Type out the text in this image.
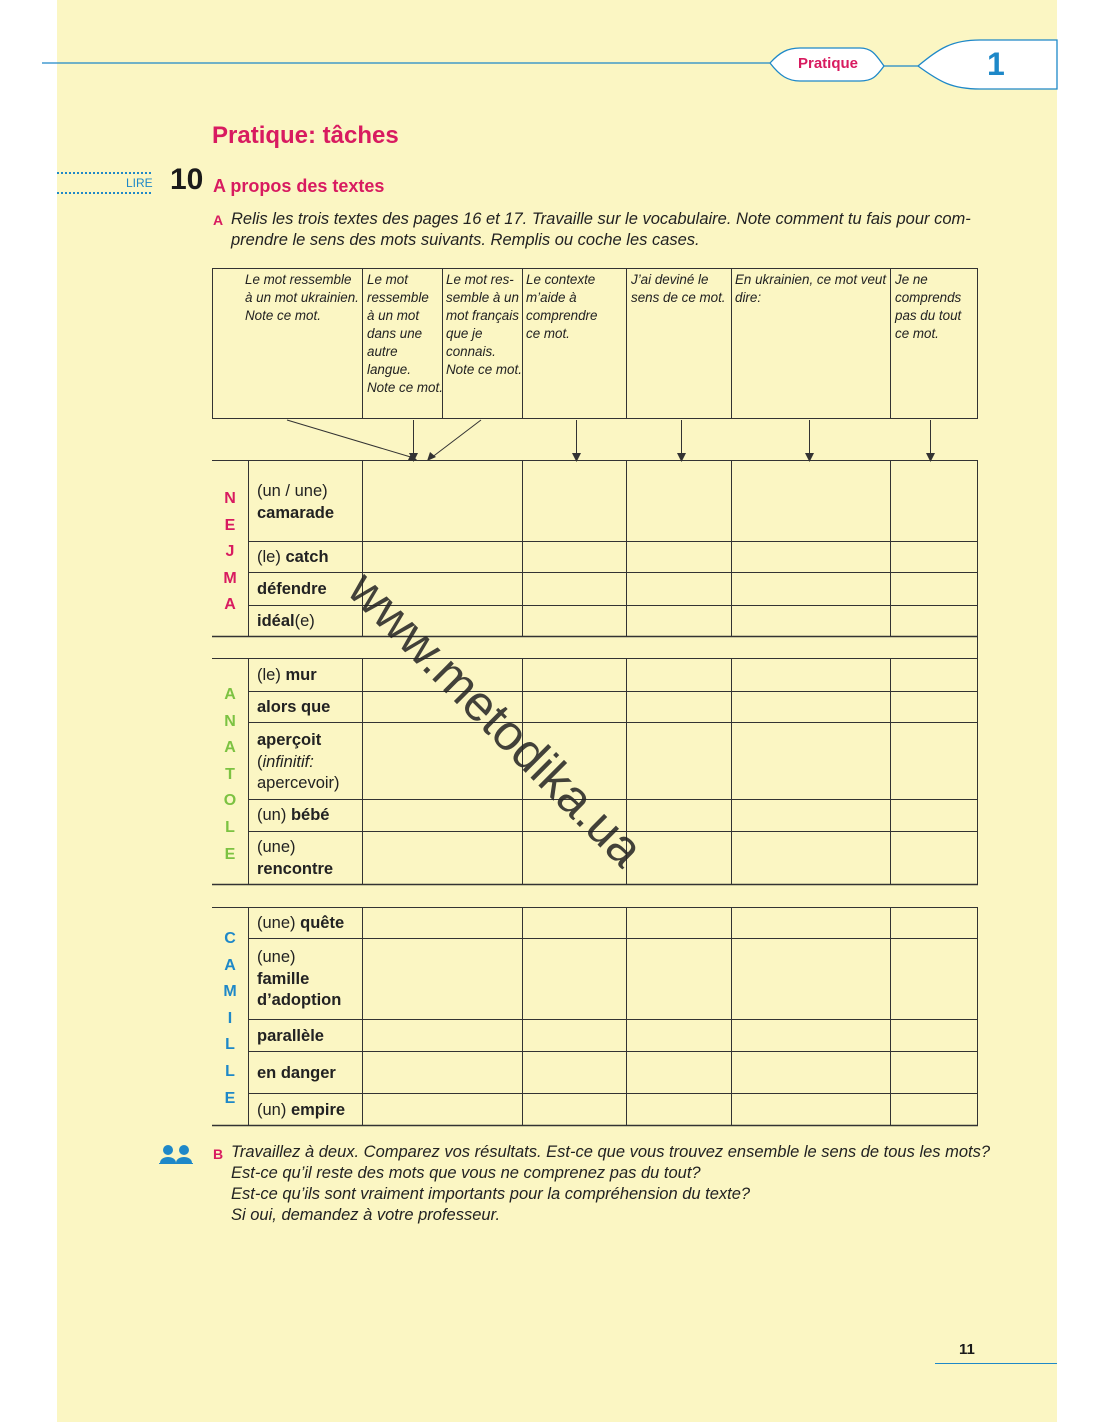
Pratique	1
Pratique: tâches
LIRE 10 A propos des textes
A Relis les trois textes des pages 16 et 17. Travaille sur le vocabulaire. Note comment tu fais pour com-
prendre le sens des mots suivants. Remplis ou coche les cases.
Le mot ressemble
à un mot ukrainien.
Note ce mot.
Le mot
ressemble
à un mot
dans une
autre
langue.
Note ce mot.
Le mot res-
semble à un
mot français
que je
connais.
Note ce mot.
Le contexte
m’aide à
comprendre
ce mot.
J’ai deviné le
sens de ce mot.
En ukrainien, ce mot veut
dire:
Je ne
comprends
pas du tout
ce mot.
N
E
J
M
A
A
N
A
T
O
L
E
C
A
M
I
L
L
E
(un / une)
camarade
(le) catch
défendre
idéal(e)
(le) mur
alors que
aperçoit
(infinitif:
apercevoir)
(un) bébé
(une)
rencontre
(une) quête
(une)
famille
d’adoption
parallèle
en danger
(un) empire
www.metodika.ua
B Travaillez à deux. Comparez vos résultats. Est-ce que vous trouvez ensemble le sens de tous les mots?
Est-ce qu’il reste des mots que vous ne comprenez pas du tout?
Est-ce qu’ils sont vraiment importants pour la compréhension du texte?
Si oui, demandez à votre professeur.
11
